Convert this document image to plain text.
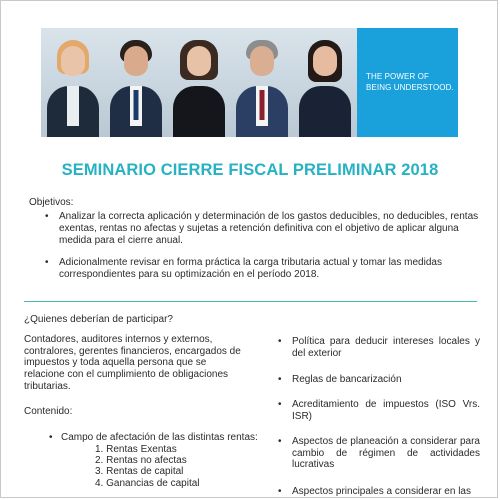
THE POWER OF
BEING UNDERSTOOD.
SEMINARIO CIERRE FISCAL PRELIMINAR 2018
Objetivos:
• Analizar la correcta aplicación y determinación de los gastos deducibles, no deducibles, rentas exentas, rentas no afectas y sujetas a retención definitiva con el objetivo de aplicar alguna medida para el cierre anual.
• Adicionalmente revisar en forma práctica la carga tributaria actual y tomar las medidas correspondientes para su optimización en el período 2018.
¿Quienes deberían de participar?
Contadores, auditores internos y externos, contralores, gerentes financieros, encargados de impuestos y toda aquella persona que se relacione con el cumplimiento de obligaciones tributarias.
Contenido:
• Campo de afectación de las distintas rentas:
1. Rentas Exentas
2. Rentas no afectas
3. Rentas de capital
4. Ganancias de capital
• Política para deducir intereses locales y del exterior
• Reglas de bancarización
• Acreditamiento de impuestos (ISO Vrs. ISR)
• Aspectos de planeación a considerar para cambio de régimen de actividades lucrativas
• Aspectos principales a considerar en las
